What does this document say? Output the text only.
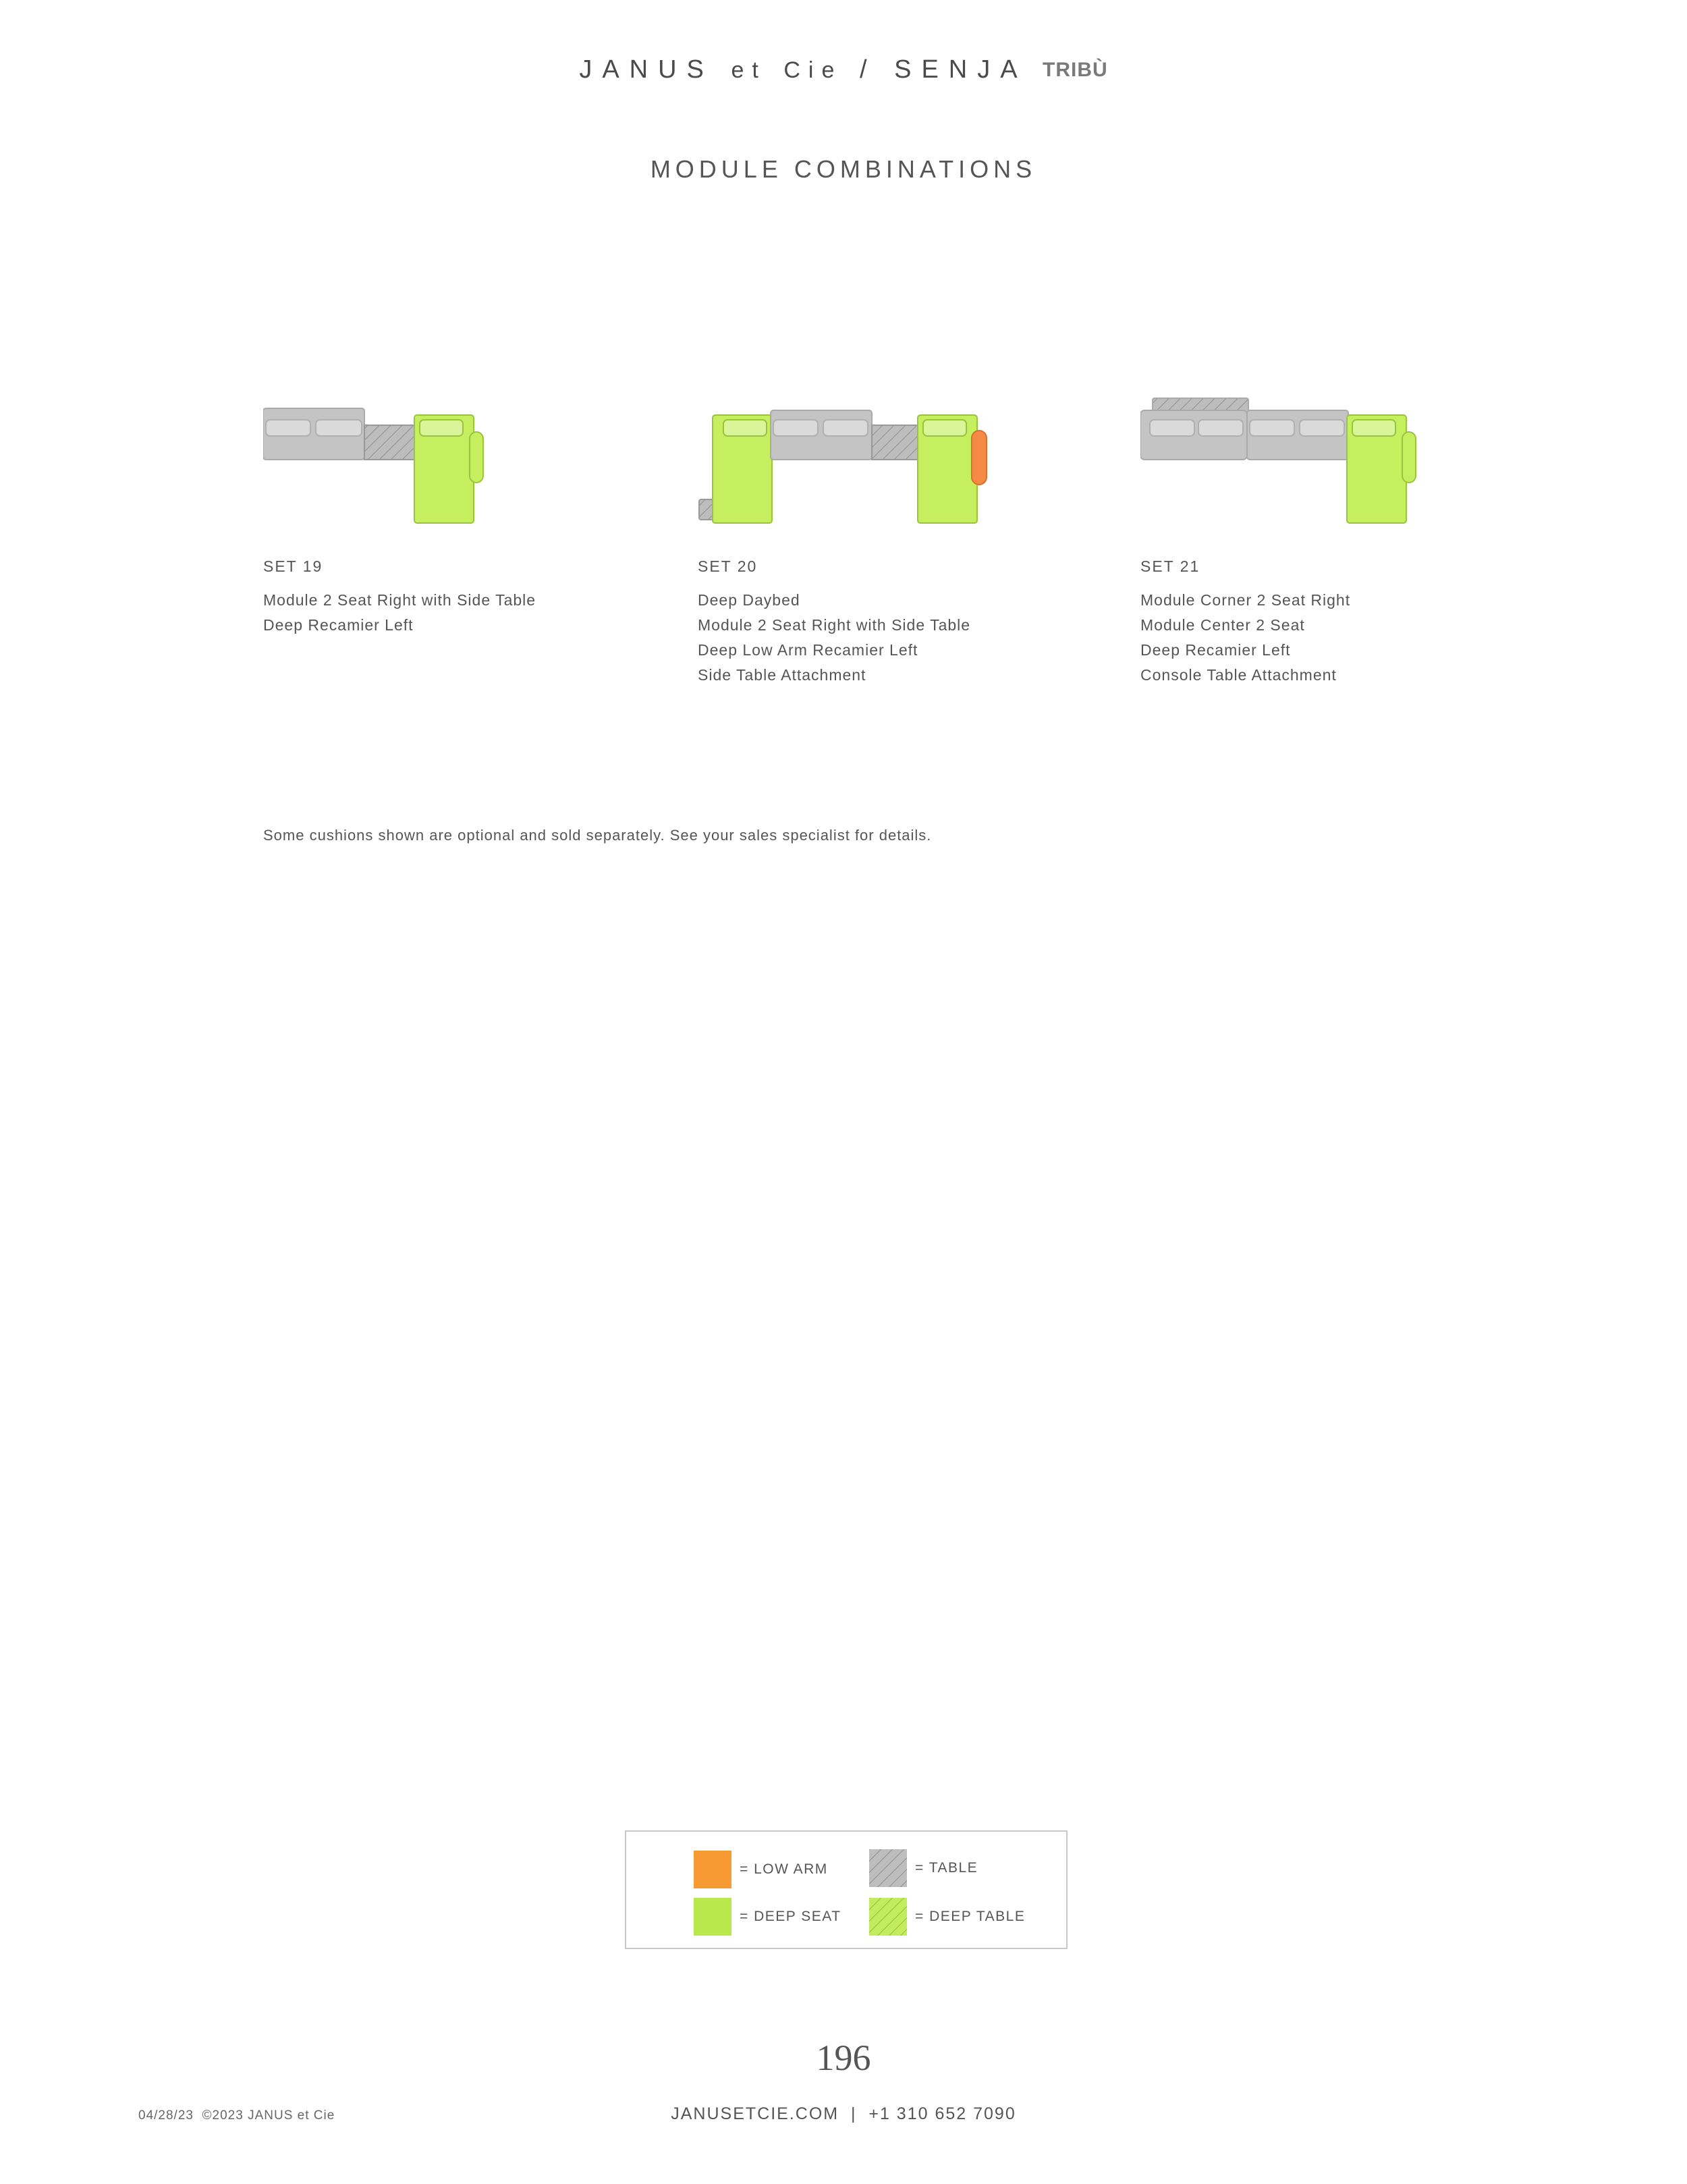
JANUS et Cie / SENJA TRIBÙ
MODULE COMBINATIONS
SET 19
Module 2 Seat Right with Side Table
Deep Recamier Left
SET 20
Deep Daybed
Module 2 Seat Right with Side Table
Deep Low Arm Recamier Left
Side Table Attachment
SET 21
Module Corner 2 Seat Right
Module Center 2 Seat
Deep Recamier Left
Console Table Attachment
Some cushions shown are optional and sold separately. See your sales specialist for details.
= LOW ARM	= TABLE
= DEEP SEAT	= DEEP TABLE
196
04/28/23 ©2023 JANUS et Cie	JANUSETCIE.COM  |  +1 310 652 7090
